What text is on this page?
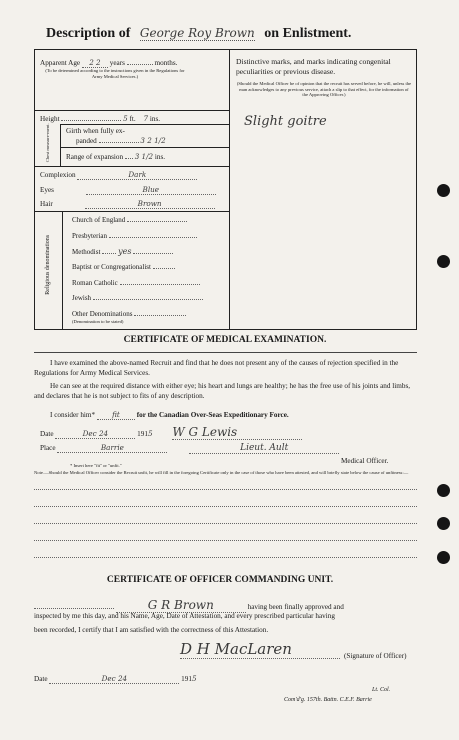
Description of George Roy Brown on Enlistment.
Apparent Age 2 2 years	months.
(To be determined according to the instructions given in the Regulations for Army Medical Services.)
Height	5 ft. 7 ins.
Chest measure-ment. Girth when fully ex-
panded	3 2 1/2
Range of expansion 3 1/2 ins.
Complexion	Dark
Eyes	Blue
Hair	Brown
Religious denominations
Church of England
Presbyterian
Methodist yes
Baptist or Congregationalist
Roman Catholic
Jewish
Other Denominations
(Denomination to be stated)
Distinctive marks, and marks indicating congenital peculiarities or previous disease.
(Should the Medical Officer be of opinion that the recruit has served before, he will, unless the man acknowledges to any previous service, attach a slip to that effect, for the information of the Approving Officer.)
Slight goitre
CERTIFICATE OF MEDICAL EXAMINATION.
I have examined the above-named Recruit and find that he does not present any of the causes of rejection specified in the Regulations for Army Medical Services.
He can see at the required distance with either eye; his heart and lungs are healthy; he has the free use of his joints and limbs, and declares that he is not subject to fits of any description.
I consider him* fit for the Canadian Over-Seas Expeditionary Force.
Date	Dec 24	1915 W G Lewis
Place	Barrie	Lieut. Ault
Medical Officer.
* Insert here "fit" or "unfit."
Note.—Should the Medical Officer consider the Recruit unfit, he will fill in the foregoing Certificate only in the case of those who have been attested, and will briefly state below the cause of unfitness:—
CERTIFICATE OF OFFICER COMMANDING UNIT.
G R Brown	having been finally approved and
inspected by me this day, and his Name, Age, Date of Attestation, and every prescribed particular having
been recorded, I certify that I am satisfied with the correctness of this Attestation.
D H MacLaren	(Signature of Officer)
Date	Dec 24	1915
Lt. Col.
Com'd'g. 157th. Battn. C.E.F. Barrie
